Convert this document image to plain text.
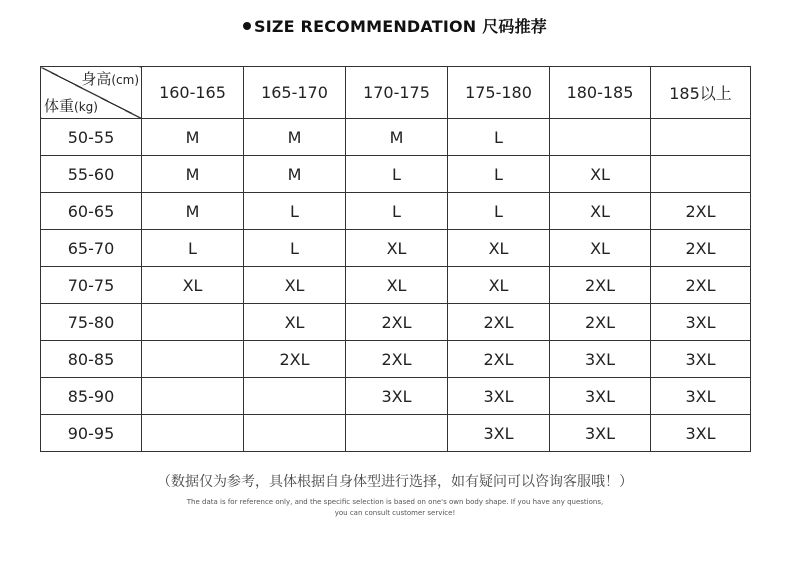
SIZE RECOMMENDATION 尺码推荐
身高(cm)
体重(kg)	160-165	165-170	170-175	175-180	180-185	185以上
50-55	M	M	M	L		
55-60	M	M	L	L	XL	
60-65	M	L	L	L	XL	2XL
65-70	L	L	XL	XL	XL	2XL
70-75	XL	XL	XL	XL	2XL	2XL
75-80		XL	2XL	2XL	2XL	3XL
80-85		2XL	2XL	2XL	3XL	3XL
85-90			3XL	3XL	3XL	3XL
90-95				3XL	3XL	3XL
（数据仅为参考，具体根据自身体型进行选择，如有疑问可以咨询客服哦！）
The data is for reference only, and the specific selection is based on one's own body shape. If you have any questions,
you can consult customer service!
